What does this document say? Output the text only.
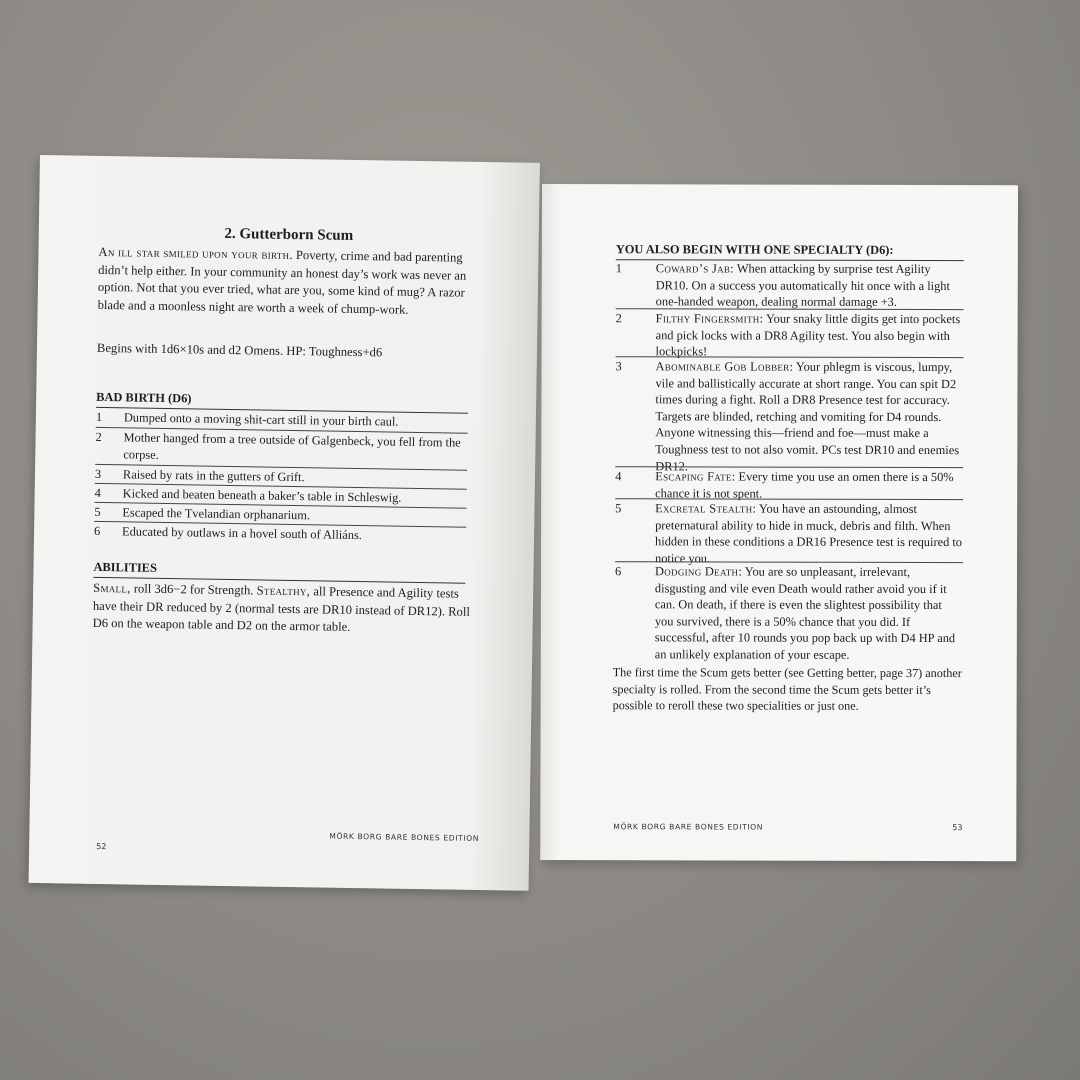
2. Gutterborn Scum
An ill star smiled upon your birth. Poverty, crime and bad parenting didn’t help either. In your community an honest day’s work was never an option. Not that you ever tried, what are you, some kind of mug? A razor blade and a moonless night are worth a week of chump-work.
Begins with 1d6×10s and d2 Omens. HP: Toughness+d6
BAD BIRTH (D6)
1	Dumped onto a moving shit-cart still in your birth caul.
2	Mother hanged from a tree outside of Galgenbeck, you fell from the corpse.
3	Raised by rats in the gutters of Grift.
4	Kicked and beaten beneath a baker’s table in Schleswig.
5	Escaped the Tvelandian orphanarium.
6	Educated by outlaws in a hovel south of Alliáns.
ABILITIES
Small, roll 3d6−2 for Strength. Stealthy, all Presence and Agility tests have their DR reduced by 2 (normal tests are DR10 instead of DR12). Roll D6 on the weapon table and D2 on the armor table.
52
MÖRK BORG BARE BONES EDITION
YOU ALSO BEGIN WITH ONE SPECIALTY (D6):
1	Coward’s Jab: When attacking by surprise test Agility DR10. On a success you automatically hit once with a light one-handed weapon, dealing normal damage +3.
2	Filthy Fingersmith: Your snaky little digits get into pockets and pick locks with a DR8 Agility test. You also begin with lockpicks!
3	Abominable Gob Lobber: Your phlegm is viscous, lumpy, vile and ballistically accurate at short range. You can spit D2 times during a fight. Roll a DR8 Presence test for accuracy. Targets are blinded, retching and vomiting for D4 rounds. Anyone witnessing this—friend and foe—must make a Toughness test to not also vomit. PCs test DR10 and enemies DR12.
4	Escaping Fate: Every time you use an omen there is a 50% chance it is not spent.
5	Excretal Stealth: You have an astounding, almost preternatural ability to hide in muck, debris and filth. When hidden in these conditions a DR16 Presence test is required to notice you.
6	Dodging Death: You are so unpleasant, irrelevant, disgusting and vile even Death would rather avoid you if it can. On death, if there is even the slightest possibility that you survived, there is a 50% chance that you did. If successful, after 10 rounds you pop back up with D4 HP and an unlikely explanation of your escape.
The first time the Scum gets better (see Getting better, page 37) another specialty is rolled. From the second time the Scum gets better it’s possible to reroll these two specialities or just one.
MÖRK BORG BARE BONES EDITION	53
